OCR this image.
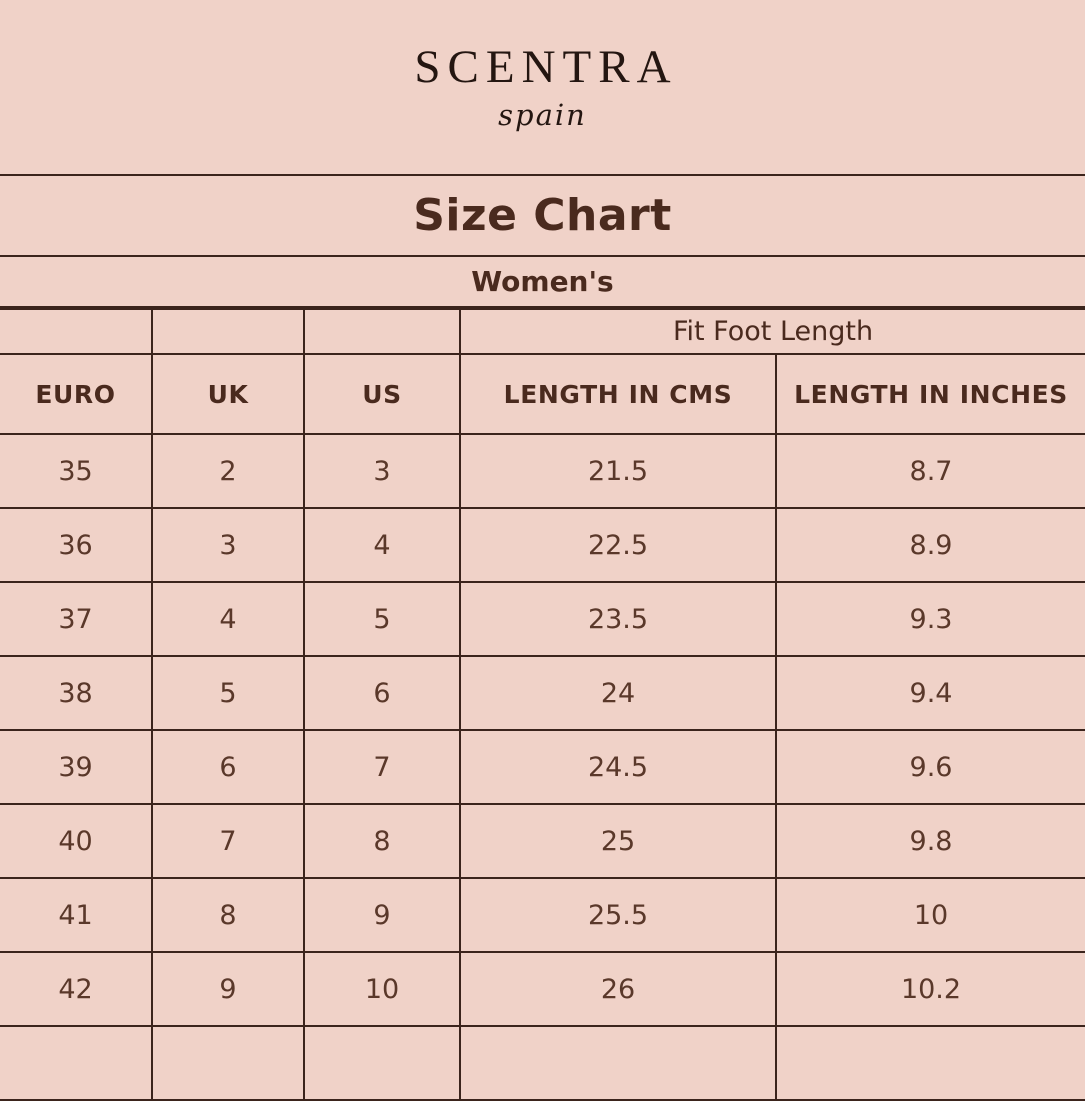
SCENTRA
spain
Size Chart
Women's
			Fit Foot Length	
EURO	UK	US	LENGTH IN CMS	LENGTH IN INCHES
35	2	3	21.5	8.7
36	3	4	22.5	8.9
37	4	5	23.5	9.3
38	5	6	24	9.4
39	6	7	24.5	9.6
40	7	8	25	9.8
41	8	9	25.5	10
42	9	10	26	10.2
